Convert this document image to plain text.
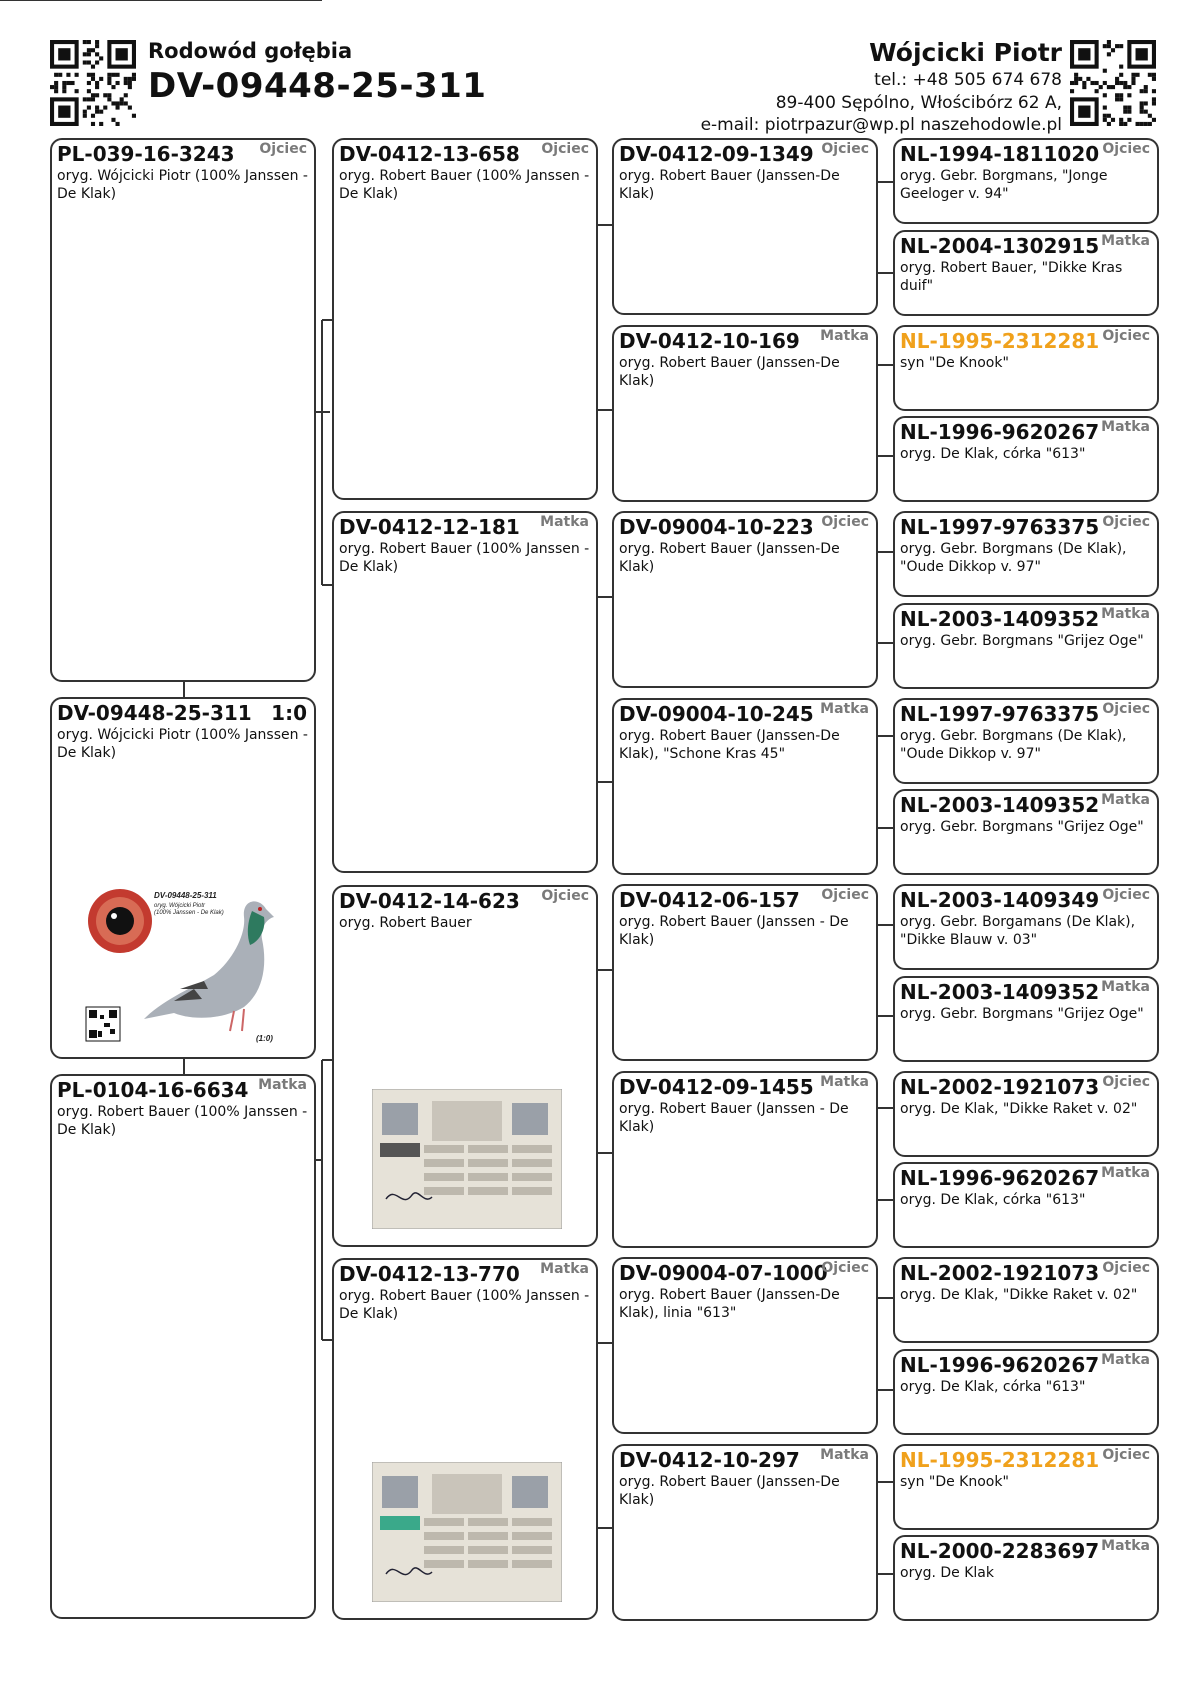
Rodowód gołębia
DV-09448-25-311
Wójcicki Piotr
tel.: +48 505 674 678
89-400 Sępólno, Włościbórz 62 A,
e-mail: piotrpazur@wp.pl naszehodowle.pl
PL-039-16-3243 Ojciec
oryg. Wójcicki Piotr (100% Janssen - De Klak)
DV-09448-25-311 1:0
oryg. Wójcicki Piotr (100% Janssen - De Klak)
DV-09448-25-311
oryg. Wójcicki Piotr
(100% Janssen - De Klak)
(1:0)
PL-0104-16-6634 Matka
oryg. Robert Bauer (100% Janssen - De Klak)
DV-0412-13-658 Ojciec
oryg. Robert Bauer (100% Janssen - De Klak)
DV-0412-12-181 Matka
oryg. Robert Bauer (100% Janssen - De Klak)
DV-0412-14-623 Ojciec
oryg. Robert Bauer
DV-0412-13-770 Matka
oryg. Robert Bauer (100% Janssen - De Klak)
DV-0412-09-1349 Ojciec
oryg. Robert Bauer (Janssen-De Klak)
DV-0412-10-169 Matka
oryg. Robert Bauer (Janssen-De Klak)
DV-09004-10-223 Ojciec
oryg. Robert Bauer (Janssen-De Klak)
DV-09004-10-245 Matka
oryg. Robert Bauer (Janssen-De Klak), "Schone Kras 45"
DV-0412-06-157 Ojciec
oryg. Robert Bauer (Janssen - De Klak)
DV-0412-09-1455 Matka
oryg. Robert Bauer (Janssen - De Klak)
DV-09004-07-1000
Ojciec
oryg. Robert Bauer (Janssen-De Klak), linia "613"
DV-0412-10-297 Matka
oryg. Robert Bauer (Janssen-De Klak)
NL-1994-1811020 Ojciec
oryg. Gebr. Borgmans, "Jonge Geeloger v. 94"
NL-2004-1302915 Matka
oryg. Robert Bauer, "Dikke Kras duif"
NL-1995-2312281 Ojciec
syn "De Knook"
NL-1996-9620267 Matka
oryg. De Klak, córka "613"
NL-1997-9763375 Ojciec
oryg. Gebr. Borgmans (De Klak), "Oude Dikkop v. 97"
NL-2003-1409352 Matka
oryg. Gebr. Borgmans "Grijez Oge"
NL-1997-9763375 Ojciec
oryg. Gebr. Borgmans (De Klak), "Oude Dikkop v. 97"
NL-2003-1409352 Matka
oryg. Gebr. Borgmans "Grijez Oge"
NL-2003-1409349 Ojciec
oryg. Gebr. Borgamans (De Klak), "Dikke Blauw v. 03"
NL-2003-1409352 Matka
oryg. Gebr. Borgmans "Grijez Oge"
NL-2002-1921073 Ojciec
oryg. De Klak, "Dikke Raket v. 02"
NL-1996-9620267 Matka
oryg. De Klak, córka "613"
NL-2002-1921073 Ojciec
oryg. De Klak, "Dikke Raket v. 02"
NL-1996-9620267 Matka
oryg. De Klak, córka "613"
NL-1995-2312281 Ojciec
syn "De Knook"
NL-2000-2283697 Matka
oryg. De Klak
